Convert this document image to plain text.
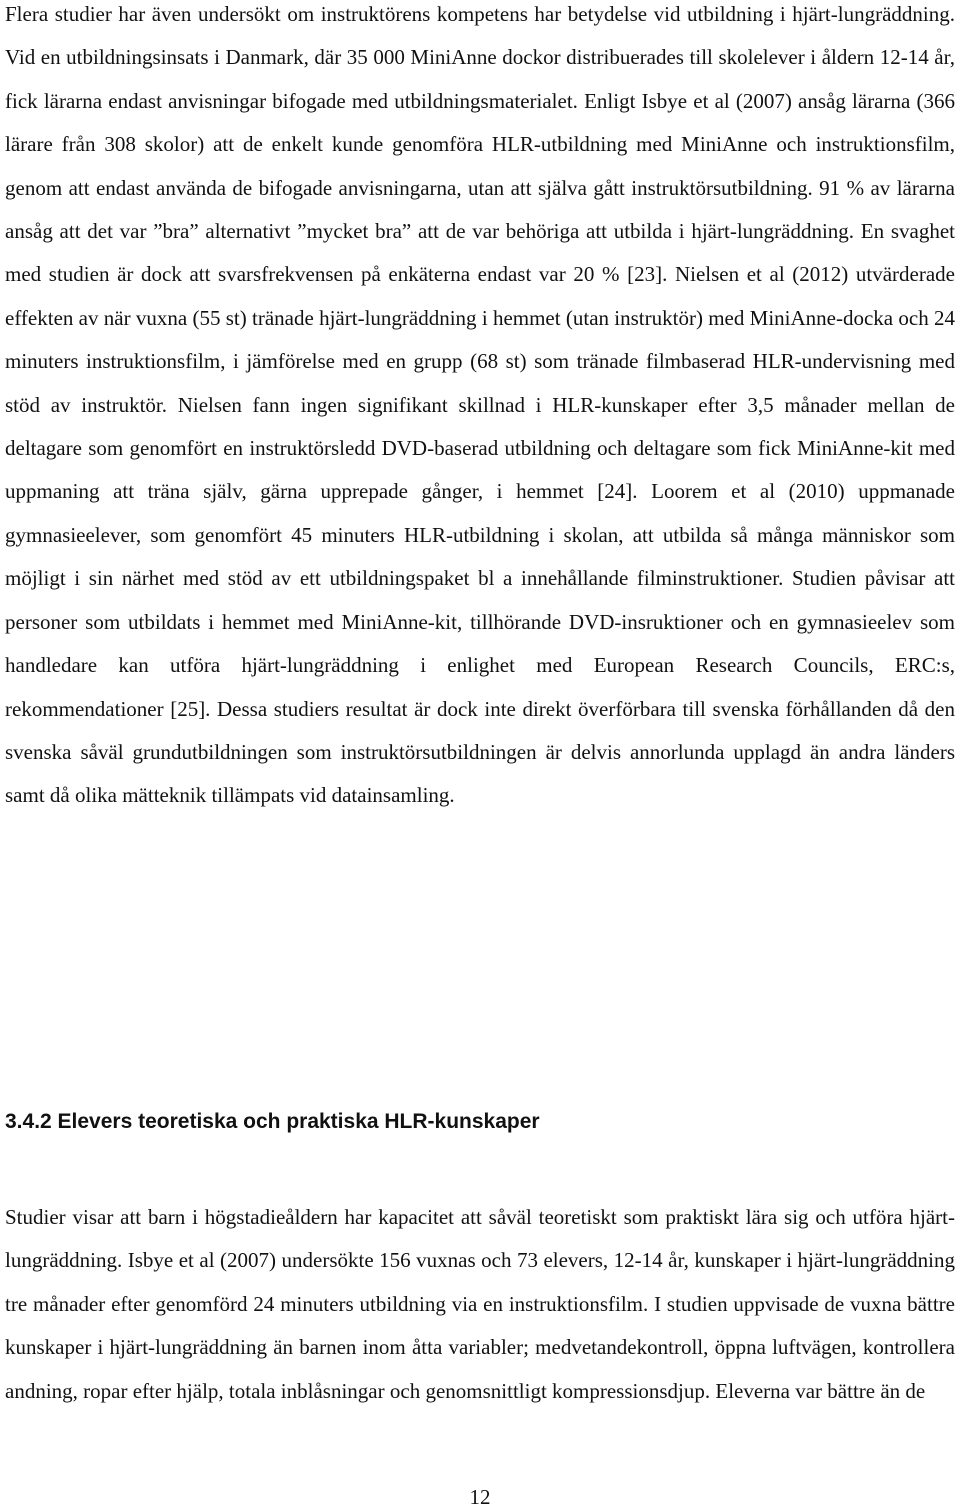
Flera studier har även undersökt om instruktörens kompetens har betydelse vid utbildning i hjärt-lungräddning. Vid en utbildningsinsats i Danmark, där 35 000 MiniAnne dockor distribuerades till skolelever i åldern 12-14 år, fick lärarna endast anvisningar bifogade med utbildningsmaterialet. Enligt Isbye et al (2007) ansåg lärarna (366 lärare från 308 skolor) att de enkelt kunde genomföra HLR-utbildning med MiniAnne och instruktionsfilm, genom att endast använda de bifogade anvisningarna, utan att själva gått instruktörsutbildning. 91 % av lärarna ansåg att det var ”bra” alternativt ”mycket bra” att de var behöriga att utbilda i hjärt-lungräddning. En svaghet med studien är dock att svarsfrekvensen på enkäterna endast var 20 % [23]. Nielsen et al (2012) utvärderade effekten av när vuxna (55 st) tränade hjärt-lungräddning i hemmet (utan instruktör) med MiniAnne-docka och 24 minuters instruktionsfilm, i jämförelse med en grupp (68 st) som tränade filmbaserad HLR-undervisning med stöd av instruktör. Nielsen fann ingen signifikant skillnad i HLR-kunskaper efter 3,5 månader mellan de deltagare som genomfört en instruktörsledd DVD-baserad utbildning och deltagare som fick MiniAnne-kit med uppmaning att träna själv, gärna upprepade gånger, i hemmet [24]. Loorem et al (2010) uppmanade gymnasieelever, som genomfört 45 minuters HLR-utbildning i skolan, att utbilda så många människor som möjligt i sin närhet med stöd av ett utbildningspaket bl a innehållande filminstruktioner. Studien påvisar att personer som utbildats i hemmet med MiniAnne-kit, tillhörande DVD-insruktioner och en gymnasieelev som handledare kan utföra hjärt-lungräddning i enlighet med European Research Councils, ERC:s, rekommendationer [25]. Dessa studiers resultat är dock inte direkt överförbara till svenska förhållanden då den svenska såväl grundutbildningen som instruktörsutbildningen är delvis annorlunda upplagd än andra länders samt då olika mätteknik tillämpats vid datainsamling.

3.4.2 Elevers teoretiska och praktiska HLR-kunskaper

Studier visar att barn i högstadieåldern har kapacitet att såväl teoretiskt som praktiskt lära sig och utföra hjärt-lungräddning. Isbye et al (2007) undersökte 156 vuxnas och 73 elevers, 12-14 år, kunskaper i hjärt-lungräddning tre månader efter genomförd 24 minuters utbildning via en instruktionsfilm. I studien uppvisade de vuxna bättre kunskaper i hjärt-lungräddning än barnen inom åtta variabler; medvetandekontroll, öppna luftvägen, kontrollera andning, ropar efter hjälp, totala inblåsningar och genomsnittligt kompressionsdjup. Eleverna var bättre än de

12
